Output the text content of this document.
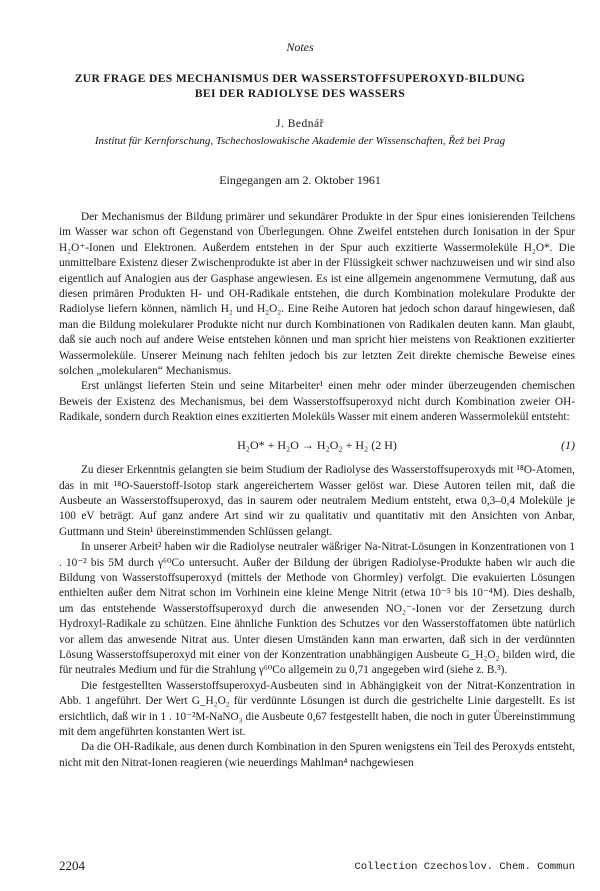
Notes
ZUR FRAGE DES MECHANISMUS DER WASSERSTOFFSUPEROXYD-BILDUNG
BEI DER RADIOLYSE DES WASSERS
J. Bednář
Institut für Kernforschung, Tschechoslowakische Akademie der Wissenschaften, Řež bei Prag
Eingegangen am 2. Oktober 1961

Der Mechanismus der Bildung primärer und sekundärer Produkte in der Spur eines ionisierenden Teilchens im Wasser war schon oft Gegenstand von Überlegungen. Ohne Zweifel entstehen durch Ionisation in der Spur H₂O⁺-Ionen und Elektronen. Außerdem entstehen in der Spur auch exzitierte Wassermoleküle H₂O*. Die unmittelbare Existenz dieser Zwischenprodukte ist aber in der Flüssigkeit schwer nachzuweisen und wir sind also eigentlich auf Analogien aus der Gasphase angewiesen. Es ist eine allgemein angenommene Vermutung, daß aus diesen primären Produkten H- und OH-Radikale entstehen, die durch Kombination molekulare Produkte der Radiolyse liefern können, nämlich H₂ und H₂O₂. Eine Reihe Autoren hat jedoch schon darauf hingewiesen, daß man die Bildung molekularer Produkte nicht nur durch Kombinationen von Radikalen deuten kann. Man glaubt, daß sie auch noch auf andere Weise entstehen können und man spricht hier meistens von Reaktionen exzitierter Wassermoleküle. Unserer Meinung nach fehlten jedoch bis zur letzten Zeit direkte chemische Beweise eines solchen „molekularen“ Mechanismus.

Erst unlängst lieferten Stein und seine Mitarbeiter¹ einen mehr oder minder überzeugenden chemischen Beweis der Existenz des Mechanismus, bei dem Wasserstoffsuperoxyd nicht durch Kombination zweier OH-Radikale, sondern durch Reaktion eines exzitierten Moleküls Wasser mit einem anderen Wassermolekül entsteht:

H₂O* + H₂O → H₂O₂ + H₂ (2 H)	(1)

Zu dieser Erkenntnis gelangten sie beim Studium der Radiolyse des Wasserstoffsuperoxyds mit ¹⁸O-Atomen, das in mit ¹⁸O-Sauerstoff-Isotop stark angereichertem Wasser gelöst war. Diese Autoren teilen mit, daß die Ausbeute an Wasserstoffsuperoxyd, das in saurem oder neutralem Medium entsteht, etwa 0,3–0,4 Moleküle je 100 eV beträgt. Auf ganz andere Art sind wir zu qualitativ und quantitativ mit den Ansichten von Anbar, Guttmann und Stein¹ übereinstimmenden Schlüssen gelangt.

In unserer Arbeit² haben wir die Radiolyse neutraler wäßriger Na-Nitrat-Lösungen in Konzentrationen von 1 . 10⁻² bis 5M durch γ⁶⁰Co untersucht. Außer der Bildung der übrigen Radiolyse-Produkte haben wir auch die Bildung von Wasserstoffsuperoxyd (mittels der Methode von Ghormley) verfolgt. Die evakuierten Lösungen enthielten außer dem Nitrat schon im Vorhinein eine kleine Menge Nitrit (etwa 10⁻⁵ bis 10⁻⁴M). Dies deshalb, um das entstehende Wasserstoffsuperoxyd durch die anwesenden NO₂⁻-Ionen vor der Zersetzung durch Hydroxyl-Radikale zu schützen. Eine ähnliche Funktion des Schutzes vor den Wasserstoffatomen übte natürlich vor allem das anwesende Nitrat aus. Unter diesen Umständen kann man erwarten, daß sich in der verdünnten Lösung Wasserstoffsuperoxyd mit einer von der Konzentration unabhängigen Ausbeute G_H₂O₂ bilden wird, die für neutrales Medium und für die Strahlung γ⁶⁰Co allgemein zu 0,71 angegeben wird (siehe z. B.³).

Die festgestellten Wasserstoffsuperoxyd-Ausbeuten sind in Abhängigkeit von der Nitrat-Konzentration in Abb. 1 angeführt. Der Wert G_H₂O₂ für verdünnte Lösungen ist durch die gestrichelte Linie dargestellt. Es ist ersichtlich, daß wir in 1 . 10⁻²M-NaNO₃ die Ausbeute 0,67 festgestellt haben, die noch in guter Übereinstimmung mit dem angeführten konstanten Wert ist.

Da die OH-Radikale, aus denen durch Kombination in den Spuren wenigstens ein Teil des Peroxyds entsteht, nicht mit den Nitrat-Ionen reagieren (wie neuerdings Mahlman⁴ nachgewiesen

2204	Collection Czechoslov. Chem. Commun
